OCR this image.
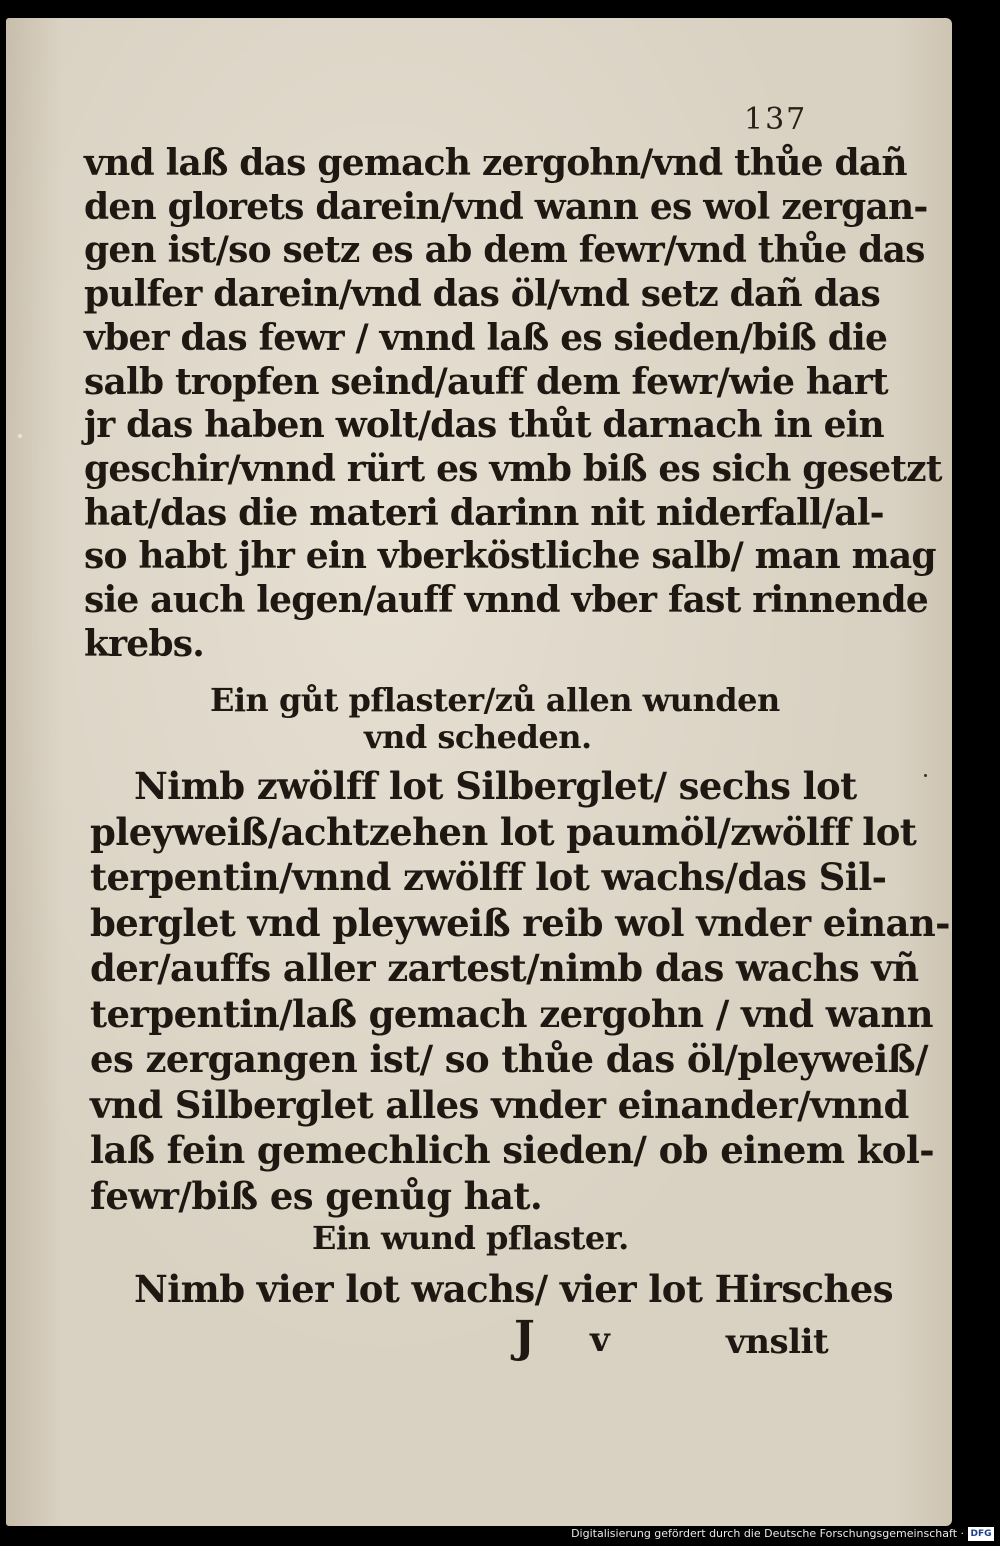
137
vnd laß das gemach zergohn/vnd thůe dañ
den glorets darein/vnd wann es wol zergan-
gen ist/so setz es ab dem fewr/vnd thůe das
pulfer darein/vnd das öl/vnd setz dañ das
vber das fewr / vnnd laß es sieden/biß die
salb tropfen seind/auff dem fewr/wie hart
jr das haben wolt/das thůt darnach in ein
geschir/vnnd rürt es vmb biß es sich gesetzt
hat/das die materi darinn nit niderfall/al-
so habt jhr ein vberköstliche salb/ man mag
sie auch legen/auff vnnd vber fast rinnende
krebs.
Ein gůt pflaster/zů allen wunden
vnd scheden.
Nimb zwölff lot Silberglet/ sechs lot
pleyweiß/achtzehen lot paumöl/zwölff lot
terpentin/vnnd zwölff lot wachs/das Sil-
berglet vnd pleyweiß reib wol vnder einan-
der/auffs aller zartest/nimb das wachs vñ
terpentin/laß gemach zergohn / vnd wann
es zergangen ist/ so thůe das öl/pleyweiß/
vnd Silberglet alles vnder einander/vnnd
laß fein gemechlich sieden/ ob einem kol-
fewr/biß es genůg hat.
Ein wund pflaster.
Nimb vier lot wachs/ vier lot Hirsches
J v	vnslit
Digitalisierung gefördert durch die Deutsche Forschungsgemeinschaft · DFG
